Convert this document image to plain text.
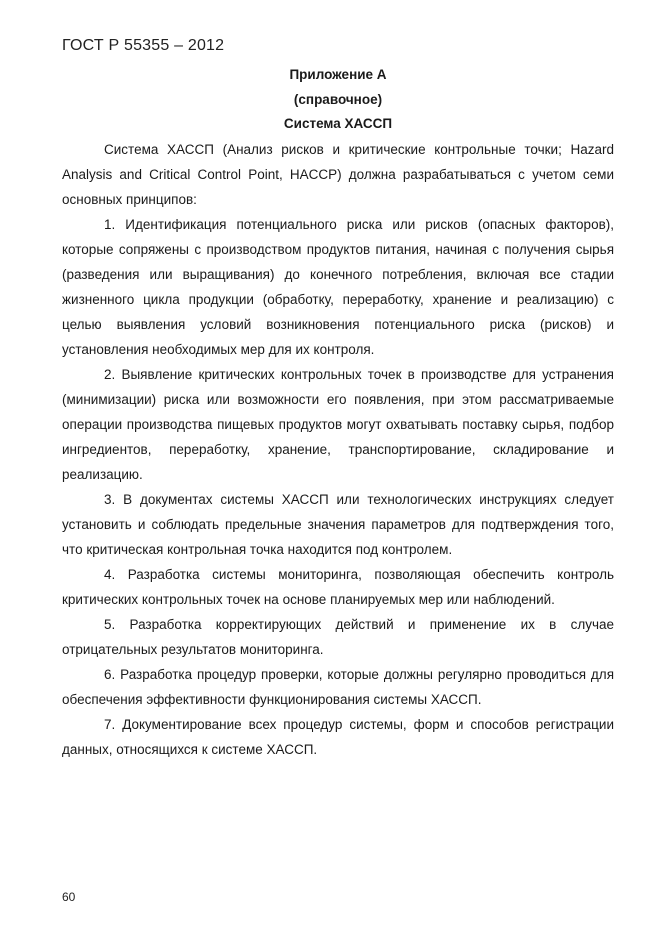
ГОСТ Р 55355 – 2012
Приложение А
(справочное)
Система ХАССП

Система ХАССП (Анализ рисков и критические контрольные точки; Hazard Analysis and Critical Control Point, HACCP) должна разрабатываться с учетом семи основных принципов:

1. Идентификация потенциального риска или рисков (опасных факторов), которые сопряжены с производством продуктов питания, начиная с получения сырья (разведения или выращивания) до конечного потребления, включая все стадии жизненного цикла продукции (обработку, переработку, хранение и реализацию) с целью выявления условий возникновения потенциального риска (рисков) и установления необходимых мер для их контроля.

2. Выявление критических контрольных точек в производстве для устранения (минимизации) риска или возможности его появления, при этом рассматриваемые операции производства пищевых продуктов могут охватывать поставку сырья, подбор ингредиентов, переработку, хранение, транспортирование, складирование и реализацию.

3. В документах системы ХАССП или технологических инструкциях следует установить и соблюдать предельные значения параметров для подтверждения того, что критическая контрольная точка находится под контролем.

4. Разработка системы мониторинга, позволяющая обеспечить контроль критических контрольных точек на основе планируемых мер или наблюдений.

5. Разработка корректирующих действий и применение их в случае отрицательных результатов мониторинга.

6. Разработка процедур проверки, которые должны регулярно проводиться для обеспечения эффективности функционирования системы ХАССП.

7. Документирование всех процедур системы, форм и способов регистрации данных, относящихся к системе ХАССП.

60
